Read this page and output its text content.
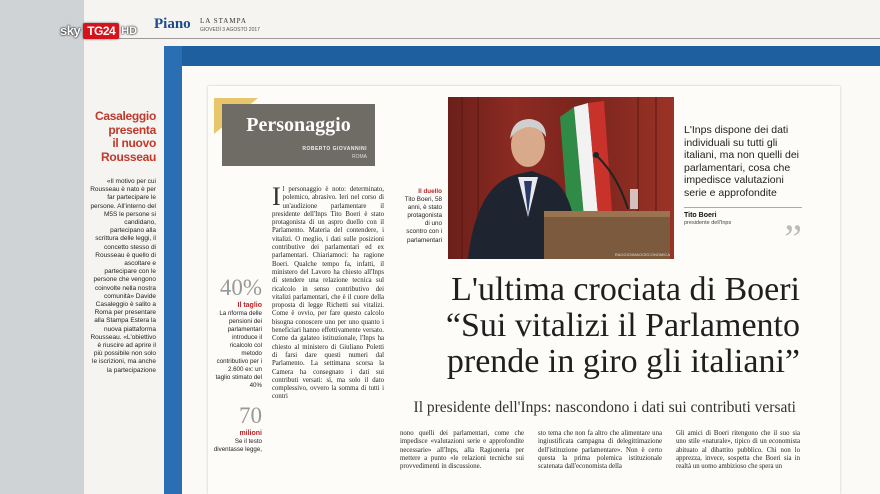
Piano LA STAMPA
GIOVEDÌ 3 AGOSTO 2017
Casaleggio
presenta
il nuovo
Rousseau
«Il motivo per cui Rousseau è nato è per far partecipare le persone. All'interno del M5S le persone si candidano, partecipano alla scrittura delle leggi, il concetto stesso di Rousseau è quello di ascoltare e partecipare con le persone che vengono coinvolte nella nostra comunità» Davide Casaleggio è salito a Roma per presentare alla Stampa Estera la nuova piattaforma Rousseau. «L'obiettivo è riuscire ad aprire il più possibile non solo le iscrizioni, ma anche la partecipazione
Personaggio
ROBERTO GIOVANNINI
ROMA
RAGGIO/IMAGOECONOMICA
L'Inps dispone dei dati individuali su tutti gli italiani, ma non quelli dei parlamentari, cosa che impedisce valutazioni serie e approfondite
Tito Boeri
presidente dell'Inps	”
Il duello
Tito Boeri, 58 anni, è stato protagonista di uno scontro con i parlamentari
I l personaggio è noto: determinato, polemico, abrasivo. Ieri nel corso di un'audizione parlamentare il presidente dell'Inps Tito Boeri è stato protagonista di un aspro duello con il Parlamento. Materia del contendere, i vitalizi. O meglio, i dati sulle posizioni contributive dei parlamentari ed ex parlamentari. Chiariamoci: ha ragione Boeri. Qualche tempo fa, infatti, il ministero del Lavoro ha chiesto all'Inps di stendere una relazione tecnica sul ricalcolo in senso contributivo dei vitalizi parlamentari, che è il cuore della proposta di legge Richetti sui vitalizi. Come è ovvio, per fare questo calcolo bisogna conoscere uno per uno quanto i beneficiari hanno effettivamente versato. Come da galateo istituzionale, l'Inps ha chiesto al ministero di Giuliano Poletti di farsi dare questi numeri dal Parlamento. La settimana scorsa la Camera ha consegnato i dati sui contributi versati: sì, ma solo il dato complessivo, ovvero la somma di tutti i contri
40%
Il taglio
La riforma delle pensioni dei parlamentari introduce il ricalcolo col metodo contributivo per i 2.600 ex: un taglio stimato del 40%
70
milioni
Se il testo diventasse legge,
L'ultima crociata di Boeri
“Sui vitalizi il Parlamento
prende in giro gli italiani”
Il presidente dell'Inps: nascondono i dati sui contributi versati
nono quelli dei parlamentari, come che impedisce «valutazioni serie e approfondite necessarie» all'Inps, alla Ragioneria per mettere a punto «le relazioni tecniche sui provvedimenti in discussione.
sto tema che non fa altro che alimentare una ingiustificata campagna di delegittimazione dell'istituzione parlamentare». Non è certo questa la prima polemica istituzionale scatenata dall'economista della
Gli amici di Boeri ritengono che il suo sia uno stile «naturale», tipico di un economista abituato al dibattito pubblico. Chi non lo apprezza, invece, sospetta che Boeri sia in realtà un uomo ambizioso che spera un
sky TG24 HD
